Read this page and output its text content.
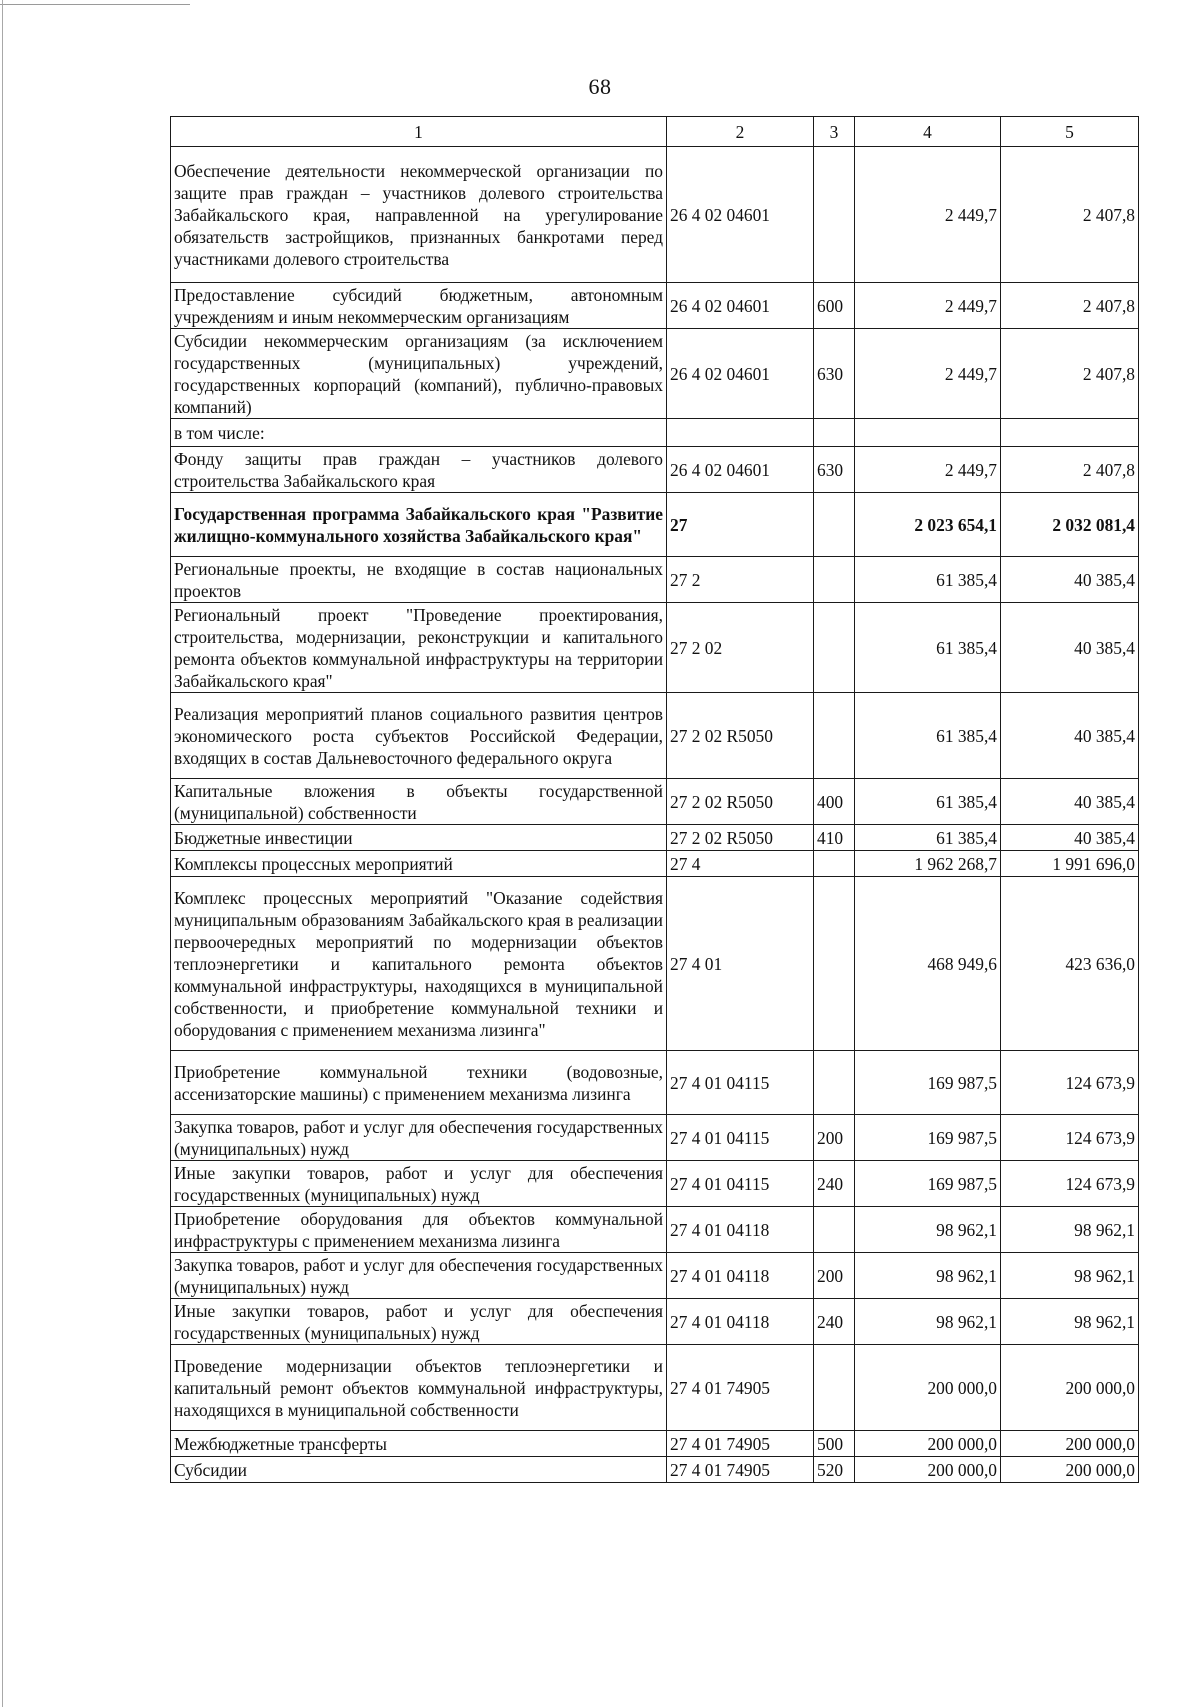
68
1	2	3	4	5
Обеспечение деятельности некоммерческой организации по защите прав граждан – участников долевого строительства Забайкальского края, направленной на урегулирование обязательств застройщиков, признанных банкротами перед участниками долевого строительства	26 4 02 04601		2 449,7	2 407,8
Предоставление субсидий бюджетным, автономным учреждениям и иным некоммерческим организациям	26 4 02 04601	600	2 449,7	2 407,8
Субсидии некоммерческим организациям (за исключением государственных (муниципальных) учреждений, государственных корпораций (компаний), публично-правовых компаний)	26 4 02 04601	630	2 449,7	2 407,8
в том числе:				
Фонду защиты прав граждан – участников долевого строительства Забайкальского края	26 4 02 04601	630	2 449,7	2 407,8
Государственная программа Забайкальского края "Развитие жилищно-коммунального хозяйства Забайкальского края"	27		2 023 654,1	2 032 081,4
Региональные проекты, не входящие в состав национальных проектов	27 2		61 385,4	40 385,4
Региональный проект "Проведение проектирования, строительства, модернизации, реконструкции и капитального ремонта объектов коммунальной инфраструктуры на территории Забайкальского края"	27 2 02		61 385,4	40 385,4
Реализация мероприятий планов социального развития центров экономического роста субъектов Российской Федерации, входящих в состав Дальневосточного федерального округа	27 2 02 R5050		61 385,4	40 385,4
Капитальные вложения в объекты государственной (муниципальной) собственности	27 2 02 R5050	400	61 385,4	40 385,4
Бюджетные инвестиции	27 2 02 R5050	410	61 385,4	40 385,4
Комплексы процессных мероприятий	27 4		1 962 268,7	1 991 696,0
Комплекс процессных мероприятий "Оказание содействия муниципальным образованиям Забайкальского края в реализации первоочередных мероприятий по модернизации объектов теплоэнергетики и капитального ремонта объектов коммунальной инфраструктуры, находящихся в муниципальной собственности, и приобретение коммунальной техники и оборудования с применением механизма лизинга"	27 4 01		468 949,6	423 636,0
Приобретение коммунальной техники (водовозные, ассенизаторские машины) с применением механизма лизинга	27 4 01 04115		169 987,5	124 673,9
Закупка товаров, работ и услуг для обеспечения государственных (муниципальных) нужд	27 4 01 04115	200	169 987,5	124 673,9
Иные закупки товаров, работ и услуг для обеспечения государственных (муниципальных) нужд	27 4 01 04115	240	169 987,5	124 673,9
Приобретение оборудования для объектов коммунальной инфраструктуры с применением механизма лизинга	27 4 01 04118		98 962,1	98 962,1
Закупка товаров, работ и услуг для обеспечения государственных (муниципальных) нужд	27 4 01 04118	200	98 962,1	98 962,1
Иные закупки товаров, работ и услуг для обеспечения государственных (муниципальных) нужд	27 4 01 04118	240	98 962,1	98 962,1
Проведение модернизации объектов теплоэнергетики и капитальный ремонт объектов коммунальной инфраструктуры, находящихся в муниципальной собственности	27 4 01 74905		200 000,0	200 000,0
Межбюджетные трансферты	27 4 01 74905	500	200 000,0	200 000,0
Субсидии	27 4 01 74905	520	200 000,0	200 000,0
